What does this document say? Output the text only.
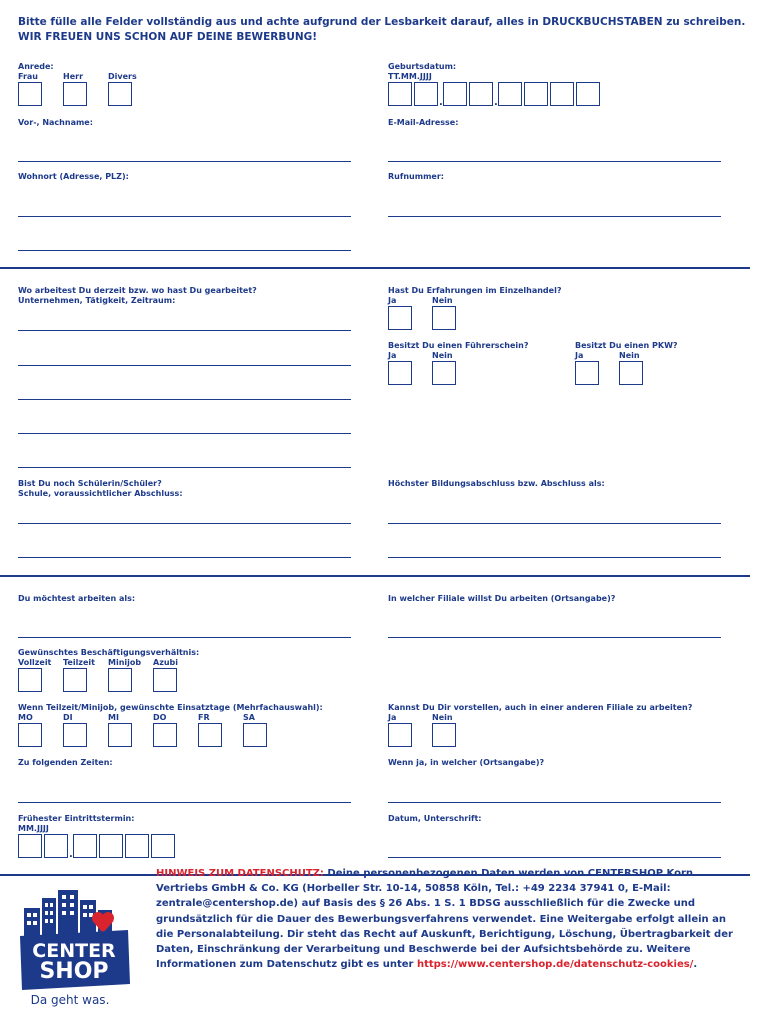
Bitte fülle alle Felder vollständig aus und achte aufgrund der Lesbarkeit darauf, alles in DRUCKBUCHSTABEN zu schreiben.
WIR FREUEN UNS SCHON AUF DEINE BEWERBUNG!
Anrede:
Frau	Herr	Divers
Geburtsdatum:
TT.MM.JJJJ
.	.
Vor-, Nachname:	E-Mail-Adresse:
Wohnort (Adresse, PLZ):	Rufnummer:
Wo arbeitest Du derzeit bzw. wo hast Du gearbeitet?
Unternehmen, Tätigkeit, Zeitraum:
Hast Du Erfahrungen im Einzelhandel?
Ja	Nein
Besitzt Du einen Führerschein?
Ja	Nein
Besitzt Du einen PKW?
Ja	Nein
Bist Du noch Schülerin/Schüler?
Schule, voraussichtlicher Abschluss:
Höchster Bildungsabschluss bzw. Abschluss als:
Du möchtest arbeiten als:	In welcher Filiale willst Du arbeiten (Ortsangabe)?
Gewünschtes Beschäftigungsverhältnis:
Vollzeit Teilzeit Minijob Azubi
Wenn Teilzeit/Minijob, gewünschte Einsatztage (Mehrfachauswahl):
MO	DI	MI	DO	FR	SA
Kannst Du Dir vorstellen, auch in einer anderen Filiale zu arbeiten?
Ja	Nein
Zu folgenden Zeiten:	Wenn ja, in welcher (Ortsangabe)?
Frühester Eintrittstermin:
MM.JJJJ
.
Datum, Unterschrift:
CENTER
SHOP
Da geht was.
HINWEIS ZUM DATENSCHUTZ: Deine personenbezogenen Daten werden von CENTERSHOP Korn Vertriebs GmbH & Co. KG (Horbeller Str. 10-14, 50858 Köln, Tel.: +49 2234 37941 0, E-Mail: zentrale@centershop.de) auf Basis des § 26 Abs. 1 S. 1 BDSG ausschließlich für die Zwecke und grundsätzlich für die Dauer des Bewerbungsverfahrens verwendet. Eine Weitergabe erfolgt allein an die Personalabteilung. Dir steht das Recht auf Auskunft, Berichtigung, Löschung, Übertragbarkeit der Daten, Einschränkung der Verarbeitung und Beschwerde bei der Aufsichtsbehörde zu. Weitere Informationen zum Datenschutz gibt es unter https://www.centershop.de/datenschutz-cookies/.
